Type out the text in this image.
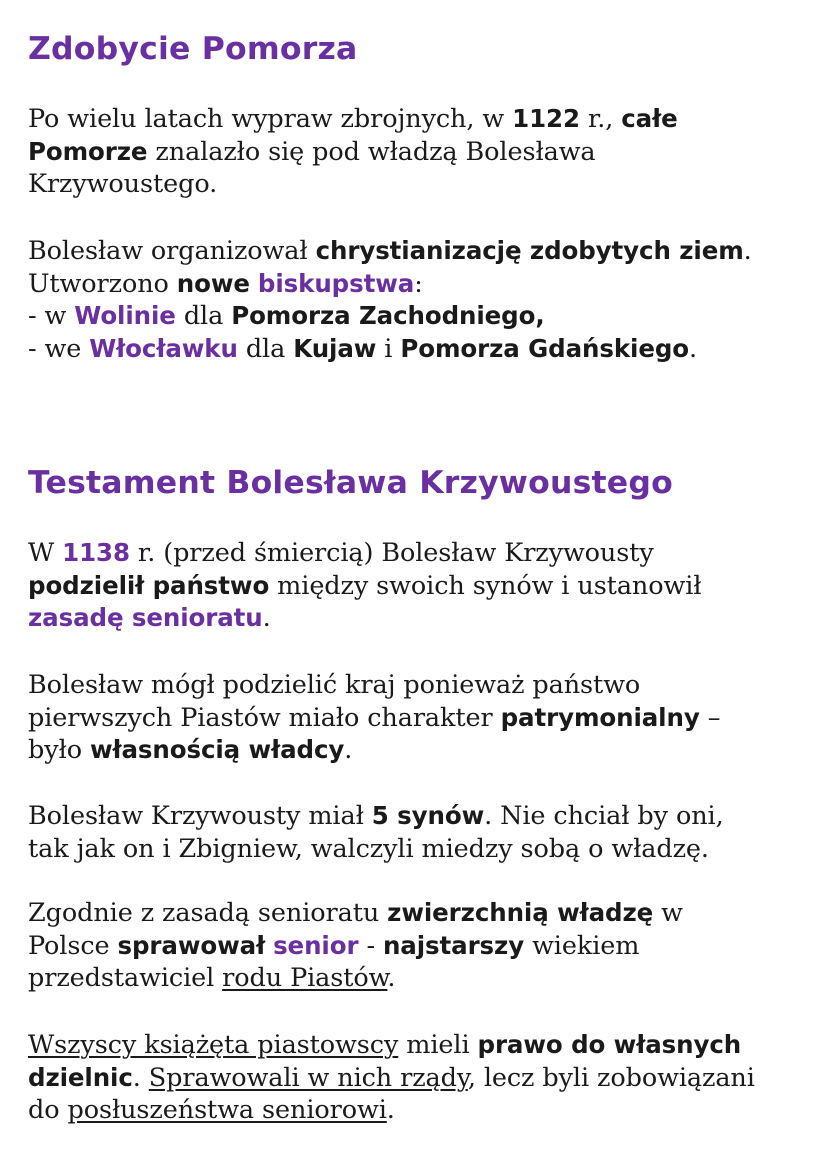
Zdobycie Pomorza

Po wielu latach wypraw zbrojnych, w 1122 r., całe
Pomorze znalazło się pod władzą Bolesława
Krzywoustego.

Bolesław organizował chrystianizację zdobytych ziem.
Utworzono nowe biskupstwa:
- w Wolinie dla Pomorza Zachodniego,
- we Włocławku dla Kujaw i Pomorza Gdańskiego.

Testament Bolesława Krzywoustego

W 1138 r. (przed śmiercią) Bolesław Krzywousty
podzielił państwo między swoich synów i ustanowił
zasadę senioratu.

Bolesław mógł podzielić kraj ponieważ państwo
pierwszych Piastów miało charakter patrymonialny –
było własnością władcy.

Bolesław Krzywousty miał 5 synów. Nie chciał by oni,
tak jak on i Zbigniew, walczyli miedzy sobą o władzę.

Zgodnie z zasadą senioratu zwierzchnią władzę w
Polsce sprawował senior - najstarszy wiekiem
przedstawiciel rodu Piastów.

Wszyscy książęta piastowscy mieli prawo do własnych
dzielnic. Sprawowali w nich rządy, lecz byli zobowiązani
do posłuszeństwa seniorowi.
